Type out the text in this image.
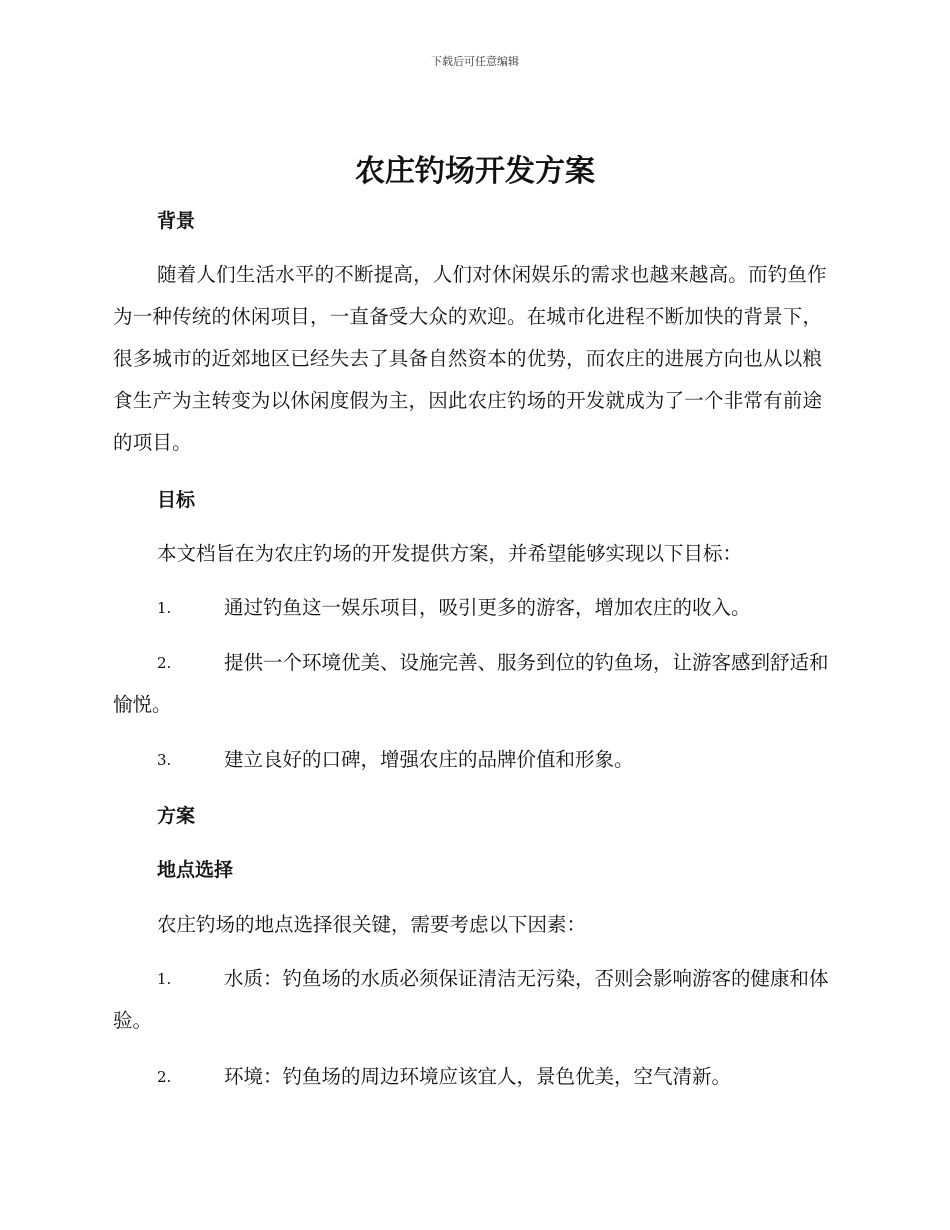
下载后可任意编辑
农庄钓场开发方案
背景

随着人们生活水平的不断提高，人们对休闲娱乐的需求也越来越高。而钓鱼作为一种传统的休闲项目，一直备受大众的欢迎。在城市化进程不断加快的背景下，很多城市的近郊地区已经失去了具备自然资本的优势，而农庄的进展方向也从以粮食生产为主转变为以休闲度假为主，因此农庄钓场的开发就成为了一个非常有前途的项目。

目标

本文档旨在为农庄钓场的开发提供方案，并希望能够实现以下目标：

1.	通过钓鱼这一娱乐项目，吸引更多的游客，增加农庄的收入。
2.	提供一个环境优美、设施完善、服务到位的钓鱼场，让游客感到舒适和愉悦。
3.	建立良好的口碑，增强农庄的品牌价值和形象。
方案
地点选择

农庄钓场的地点选择很关键，需要考虑以下因素：

1.	水质：钓鱼场的水质必须保证清洁无污染，否则会影响游客的健康和体验。
2.	环境：钓鱼场的周边环境应该宜人，景色优美，空气清新。
